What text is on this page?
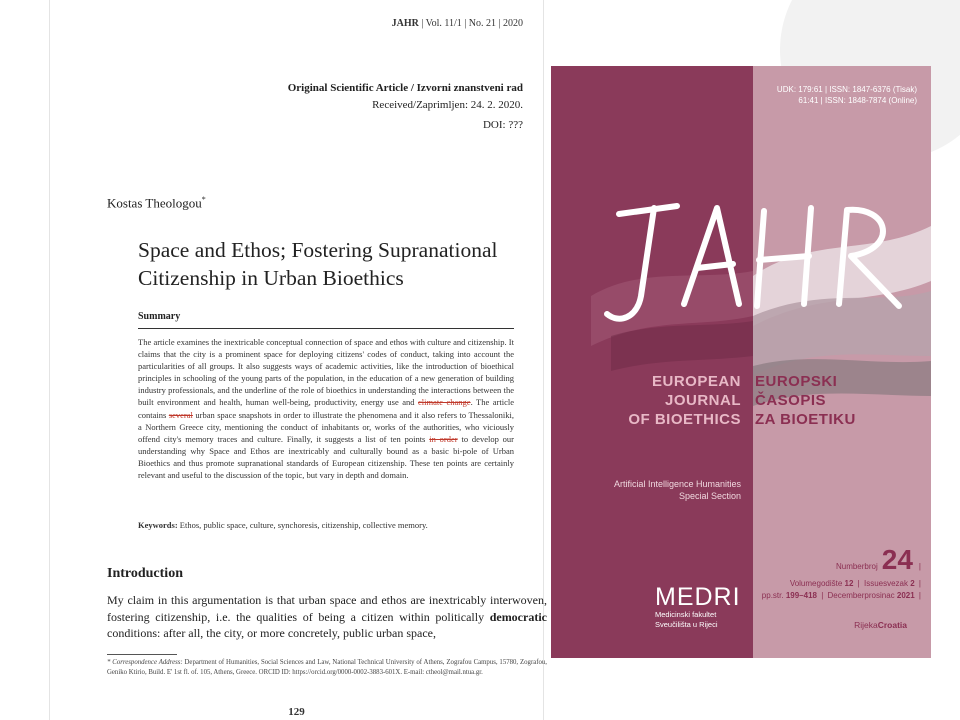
JAHR | Vol. 11/1 | No. 21 | 2020
Original Scientific Article / Izvorni znanstveni rad
Received/Zaprimljen: 24. 2. 2020.
DOI: ???
Kostas Theologou*
Space and Ethos; Fostering Supranational
Citizenship in Urban Bioethics
Summary

The article examines the inextricable conceptual connection of space and ethos with culture and citizenship. It claims that the city is a prominent space for deploying citizens' codes of conduct, taking into account the particularities of all groups. It also suggests ways of academic activities, like the introduction of bioethical principles in schooling of the young parts of the population, in the education of a new generation of building industry professionals, and the underline of the role of bioethics in understanding the interactions between the built environment and health, human well-being, productivity, energy use and climate change. The article contains several urban space snapshots in order to illustrate the phenomena and it also refers to Thessaloniki, a Northern Greece city, mentioning the conduct of inhabitants or, works of the authorities, who viciously offend city's memory traces and culture. Finally, it suggests a list of ten points in order to develop our understanding why Space and Ethos are inextricably and culturally bound as a basic bi-pole of Urban Bioethics and thus promote supranational standards of European citizenship. These ten points are certainly relevant and useful to the discussion of the topic, but vary in depth and domain.

Keywords: Ethos, public space, culture, synchoresis, citizenship, collective memory.
Introduction

My claim in this argumentation is that urban space and ethos are inextricably interwoven, fostering citizenship, i.e. the qualities of being a citizen within politically democratic conditions: after all, the city, or more concretely, public urban space,

* Correspondence Address: Department of Humanities, Social Sciences and Law, National Technical University of Athens, Zografou Campus, 15780, Zografou, Geniko Ktirio, Build. E' 1st fl. of. 105, Athens, Greece. ORCID ID: https://orcid.org/0000-0002-3883-601X. E-mail: ctheol@mail.ntua.gr.

129
UDK: 179:61 | ISSN: 1847-6376 (Tisak)
61:41 | ISSN: 1848-7874 (Online)
EUROPEAN
JOURNAL
OF BIOETHICS
EUROPSKI
ČASOPIS
ZA BIOETIKU
Artificial Intelligence Humanities
Special Section
MEDRI
Medicinski fakultet
Sveučilišta u Rijeci
Numberbroj 24 |
Volumegodište 12 | Issuesvezak 2 |
pp.str. 199–418 | Decemberprosinac 2021 |
RijekaCroatia
